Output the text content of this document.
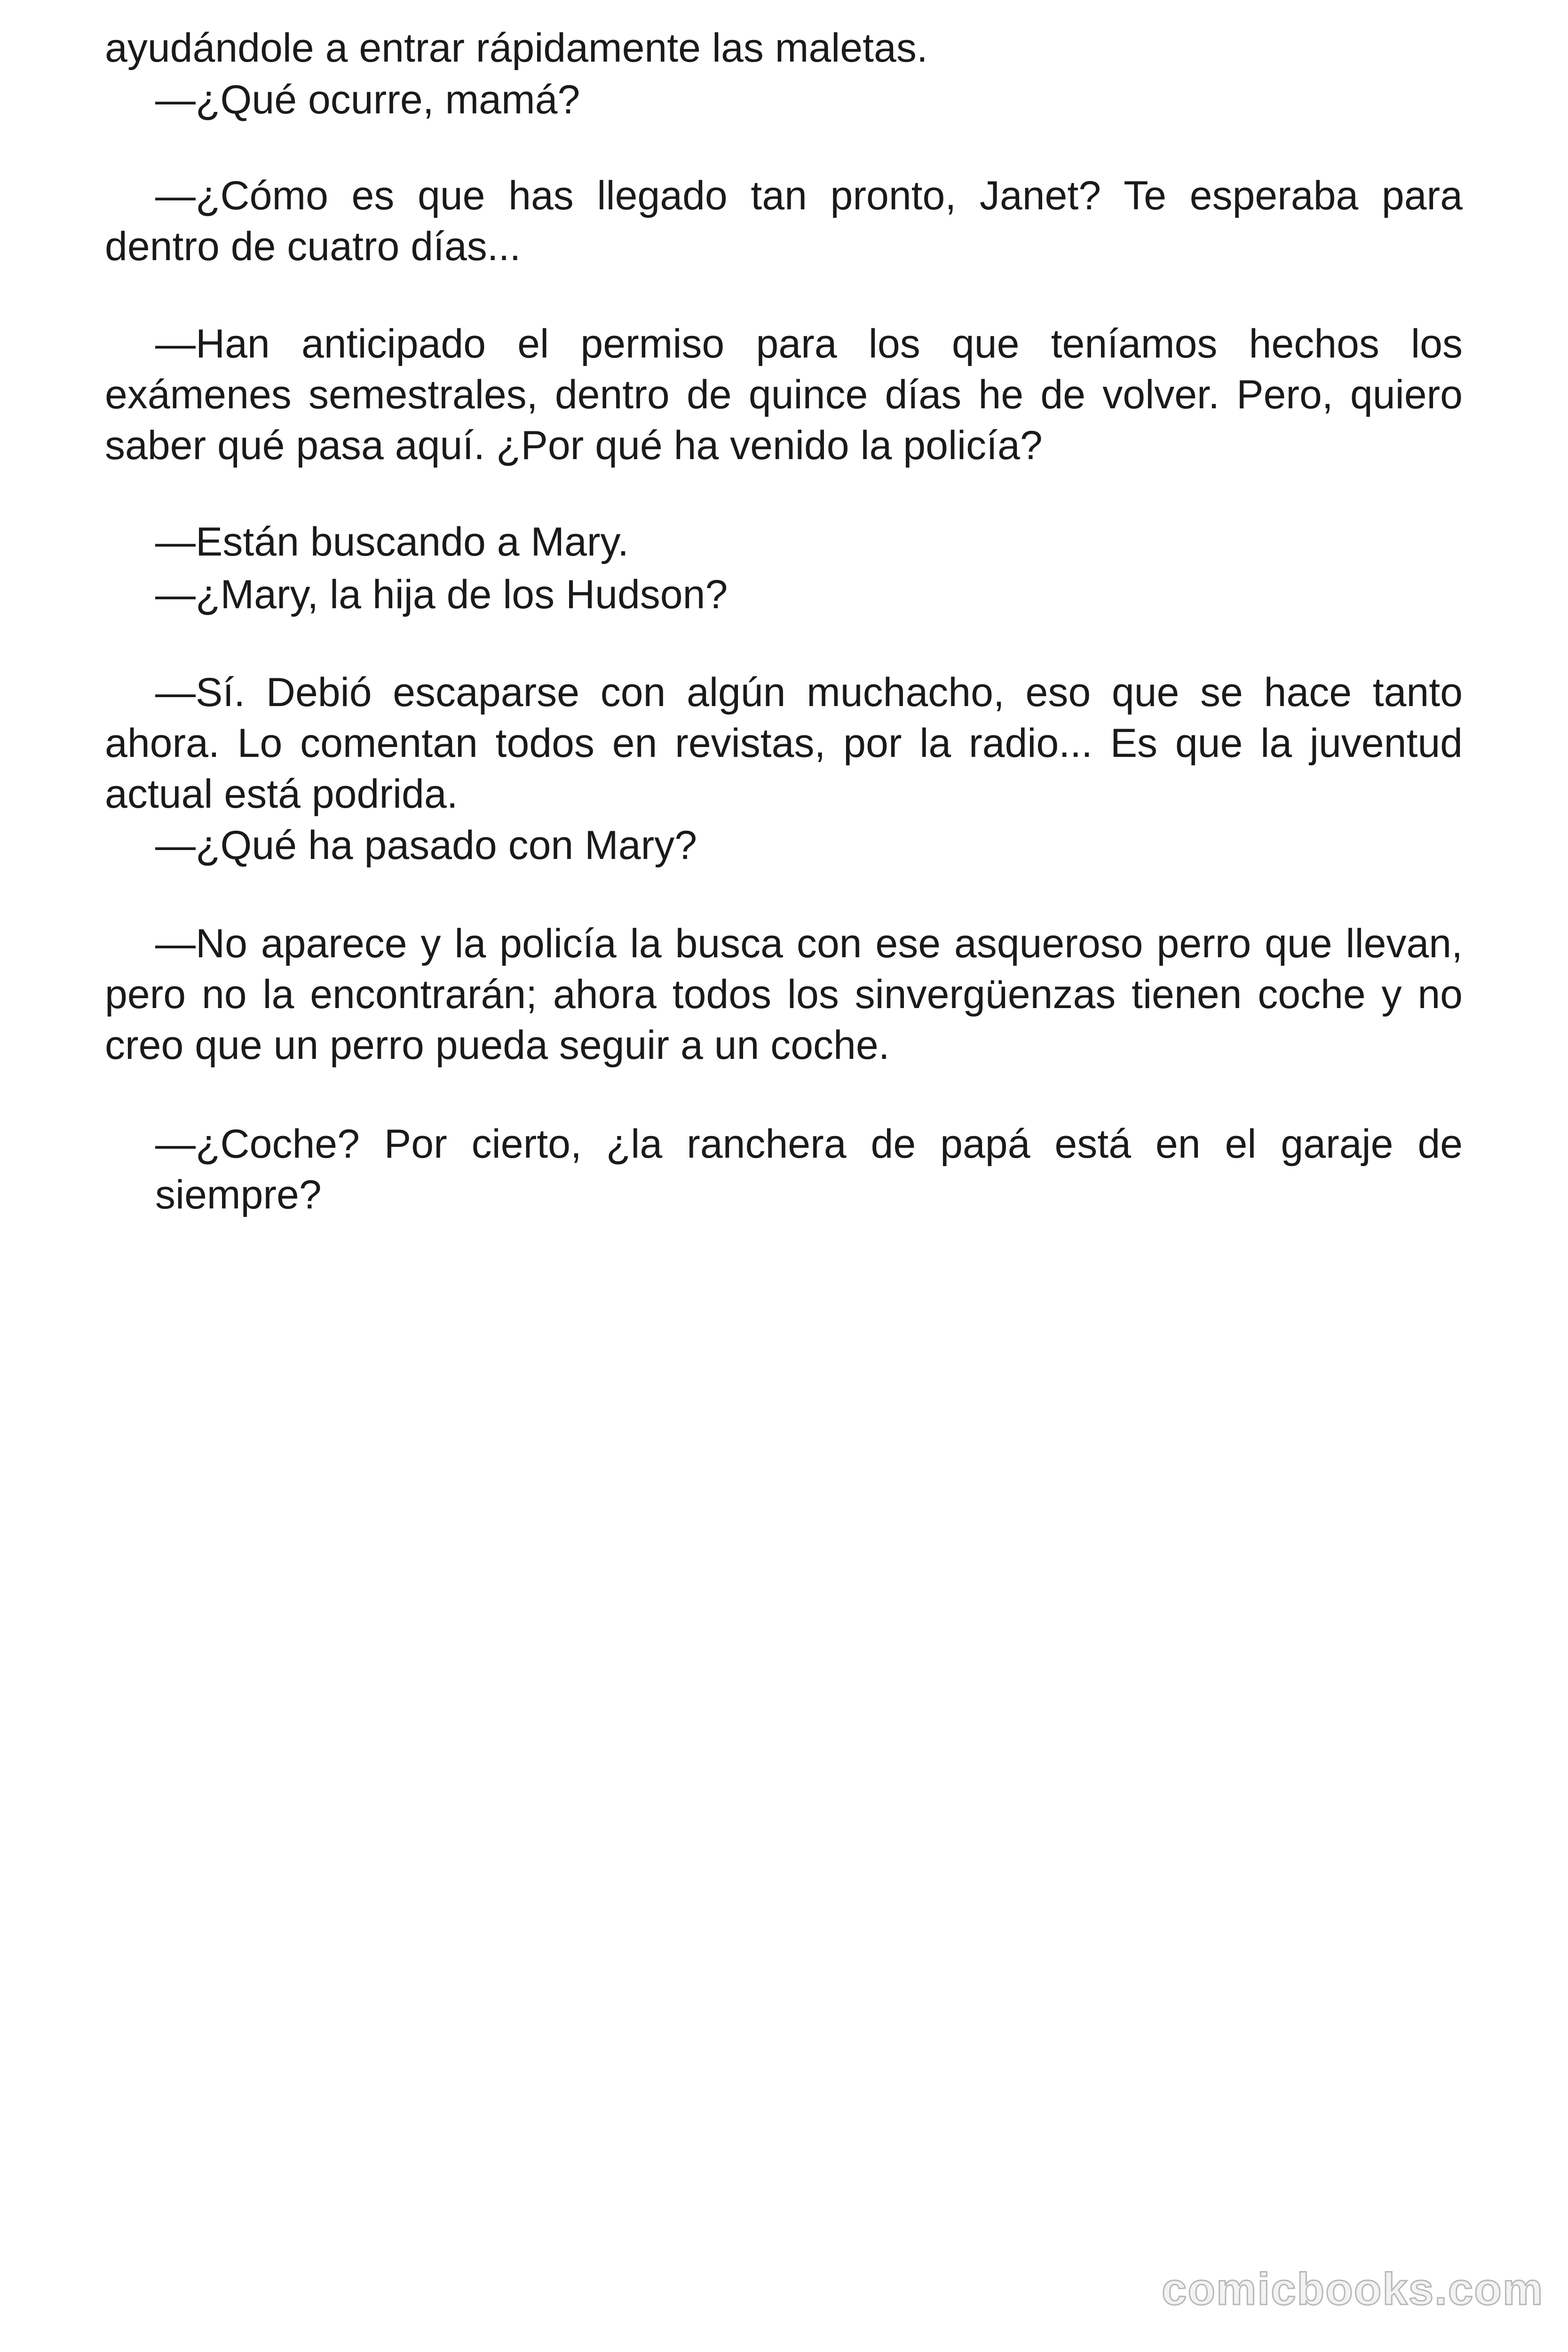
ayudándole a entrar rápidamente las maletas.

—¿Qué ocurre, mamá?

—¿Cómo es que has llegado tan pronto, Janet? Te esperaba para dentro de cuatro días...

—Han anticipado el permiso para los que teníamos hechos los exámenes semestrales, dentro de quince días he de volver. Pero, quiero saber qué pasa aquí. ¿Por qué ha venido la policía?

—Están buscando a Mary.

—¿Mary, la hija de los Hudson?

—Sí. Debió escaparse con algún muchacho, eso que se hace tanto ahora. Lo comentan todos en revistas, por la radio... Es que la juventud actual está podrida.

—¿Qué ha pasado con Mary?

—No aparece y la policía la busca con ese asqueroso perro que llevan, pero no la encontrarán; ahora todos los sinvergüenzas tienen coche y no creo que un perro pueda seguir a un coche.

—¿Coche? Por cierto, ¿la ranchera de papá está en el garaje de siempre?

comicbooks.com
